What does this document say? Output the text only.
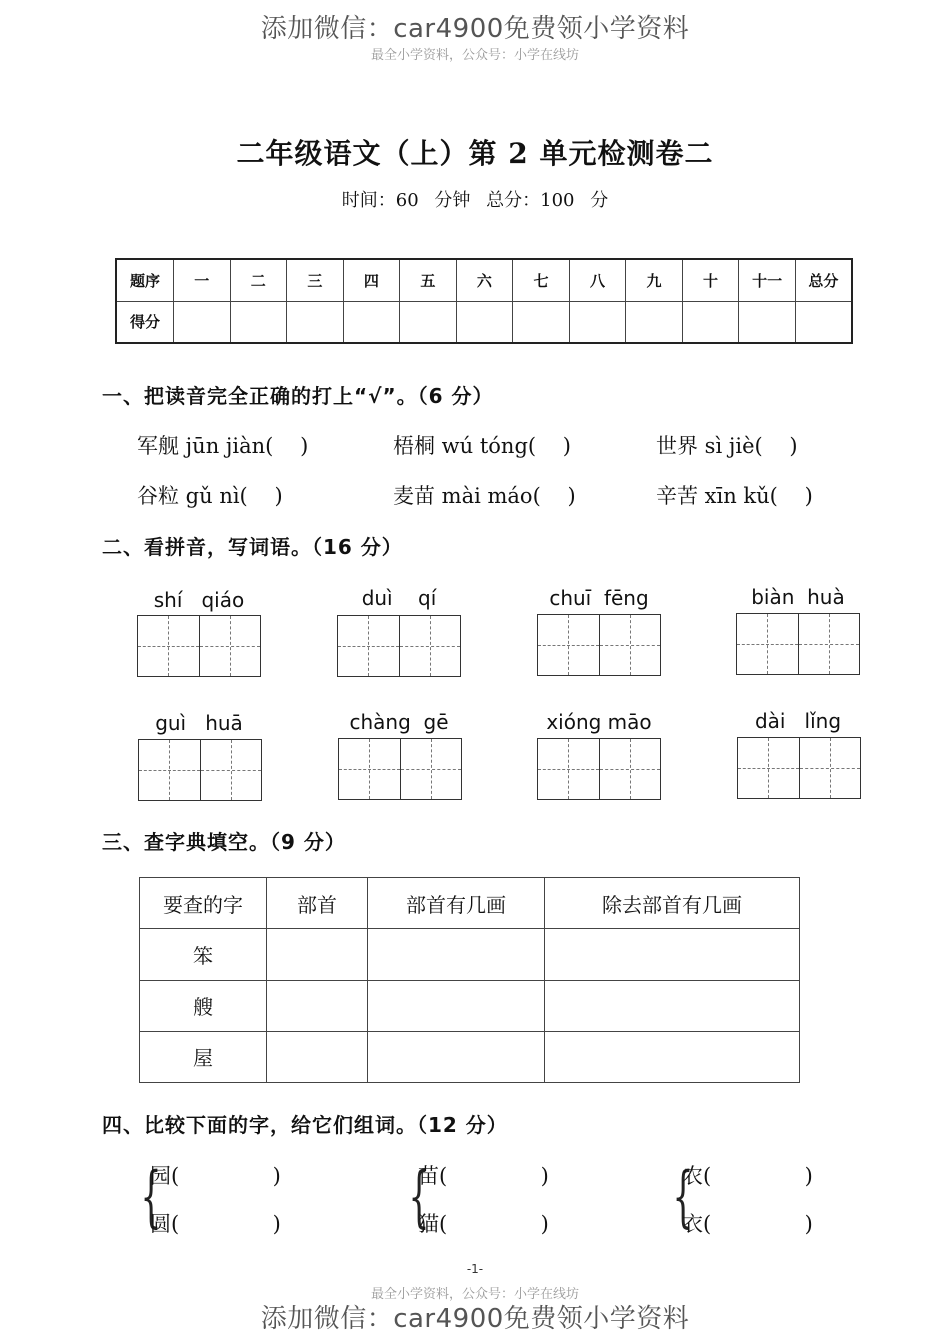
添加微信：car4900免费领小学资料
最全小学资料，公众号：小学在线坊
二年级语文（上）第 2 单元检测卷二
时间：60 分钟 总分：100 分
题序	一	二	三	四	五	六	七	八	九	十	十一	总分
得分												
一、把读音完全正确的打上“√”。（6 分）
军舰 jūn jiàn(    )	梧桐 wú tóng(    )	世界 sì jiè(    )
谷粒 gǔ nì(    )	麦苗 mài máo(    )	辛苦 xīn kǔ(    )
二、看拼音，写词语。（16 分）
shí   qiáo	duì    qí	chuī  fēng	biàn  huà
guì   huā	chàng  gē	xióng māo	dài   lǐng
三、查字典填空。（9 分）
要查的字	部首	部首有几画	除去部首有几画
笨			
艘			
屋			
四、比较下面的字，给它们组词。（12 分）
{
园(              )
圆(              ) {
苗(              )
猫(              ) {
农(              )
衣(              )
-1-
最全小学资料，公众号：小学在线坊
添加微信：car4900免费领小学资料
